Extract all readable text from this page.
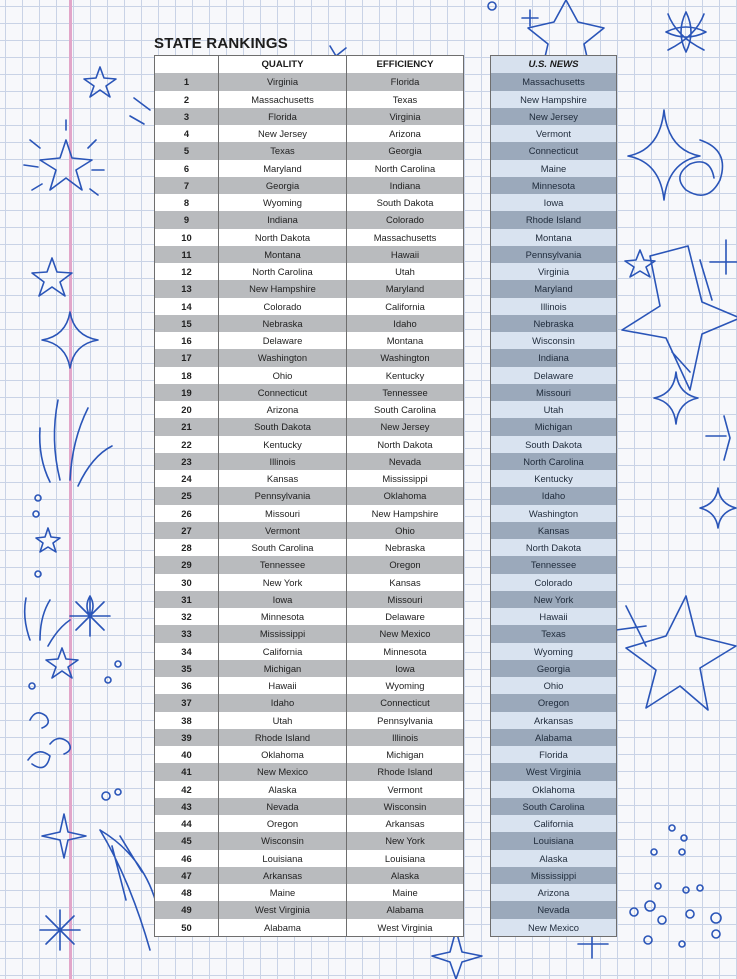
STATE RANKINGS
	QUALITY	EFFICIENCY
1	Virginia	Florida
2	Massachusetts	Texas
3	Florida	Virginia
4	New Jersey	Arizona
5	Texas	Georgia
6	Maryland	North Carolina
7	Georgia	Indiana
8	Wyoming	South Dakota
9	Indiana	Colorado
10	North Dakota	Massachusetts
11	Montana	Hawaii
12	North Carolina	Utah
13	New Hampshire	Maryland
14	Colorado	California
15	Nebraska	Idaho
16	Delaware	Montana
17	Washington	Washington
18	Ohio	Kentucky
19	Connecticut	Tennessee
20	Arizona	South Carolina
21	South Dakota	New Jersey
22	Kentucky	North Dakota
23	Illinois	Nevada
24	Kansas	Mississippi
25	Pennsylvania	Oklahoma
26	Missouri	New Hampshire
27	Vermont	Ohio
28	South Carolina	Nebraska
29	Tennessee	Oregon
30	New York	Kansas
31	Iowa	Missouri
32	Minnesota	Delaware
33	Mississippi	New Mexico
34	California	Minnesota
35	Michigan	Iowa
36	Hawaii	Wyoming
37	Idaho	Connecticut
38	Utah	Pennsylvania
39	Rhode Island	Illinois
40	Oklahoma	Michigan
41	New Mexico	Rhode Island
42	Alaska	Vermont
43	Nevada	Wisconsin
44	Oregon	Arkansas
45	Wisconsin	New York
46	Louisiana	Louisiana
47	Arkansas	Alaska
48	Maine	Maine
49	West Virginia	Alabama
50	Alabama	West Virginia
U.S. NEWS
Massachusetts
New Hampshire
New Jersey
Vermont
Connecticut
Maine
Minnesota
Iowa
Rhode Island
Montana
Pennsylvania
Virginia
Maryland
Illinois
Nebraska
Wisconsin
Indiana
Delaware
Missouri
Utah
Michigan
South Dakota
North Carolina
Kentucky
Idaho
Washington
Kansas
North Dakota
Tennessee
Colorado
New York
Hawaii
Texas
Wyoming
Georgia
Ohio
Oregon
Arkansas
Alabama
Florida
West Virginia
Oklahoma
South Carolina
California
Louisiana
Alaska
Mississippi
Arizona
Nevada
New Mexico
